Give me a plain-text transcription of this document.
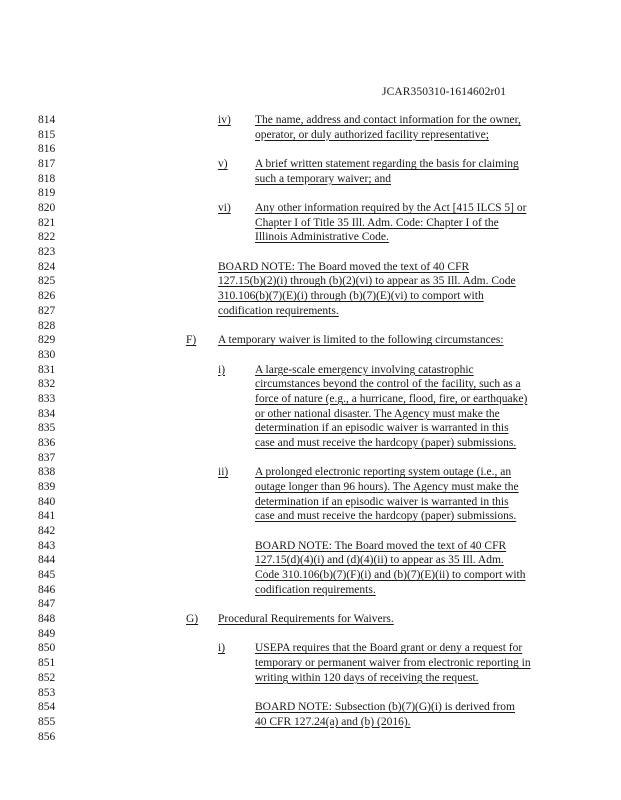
JCAR350310-1614602r01
814	iv) The name, address and contact information for the owner,
815	operator, or duly authorized facility representative;
816
817	v) A brief written statement regarding the basis for claiming
818	such a temporary waiver; and
819
820	vi) Any other information required by the Act [415 ILCS 5] or
821	Chapter I of Title 35 Ill. Adm. Code: Chapter I of the
822	Illinois Administrative Code.
823
824	BOARD NOTE: The Board moved the text of 40 CFR
825	127.15(b)(2)(i) through (b)(2)(vi) to appear as 35 Ill. Adm. Code
826	310.106(b)(7)(E)(i) through (b)(7)(E)(vi) to comport with
827	codification requirements.
828
829	F) A temporary waiver is limited to the following circumstances:
830
831	i)	A large-scale emergency involving catastrophic
832	circumstances beyond the control of the facility, such as a
833	force of nature (e.g., a hurricane, flood, fire, or earthquake)
834	or other national disaster. The Agency must make the
835	determination if an episodic waiver is warranted in this
836	case and must receive the hardcopy (paper) submissions.
837
838	ii) A prolonged electronic reporting system outage (i.e., an
839	outage longer than 96 hours). The Agency must make the
840	determination if an episodic waiver is warranted in this
841	case and must receive the hardcopy (paper) submissions.
842
843	BOARD NOTE: The Board moved the text of 40 CFR
844	127.15(d)(4)(i) and (d)(4)(ii) to appear as 35 Ill. Adm.
845	Code 310.106(b)(7)(F)(i) and (b)(7)(E)(ii) to comport with
846	codification requirements.
847
848	G) Procedural Requirements for Waivers.
849
850	i)	USEPA requires that the Board grant or deny a request for
851	temporary or permanent waiver from electronic reporting in
852	writing within 120 days of receiving the request.
853
854	BOARD NOTE: Subsection (b)(7)(G)(i) is derived from
855	40 CFR 127.24(a) and (b) (2016).
856
